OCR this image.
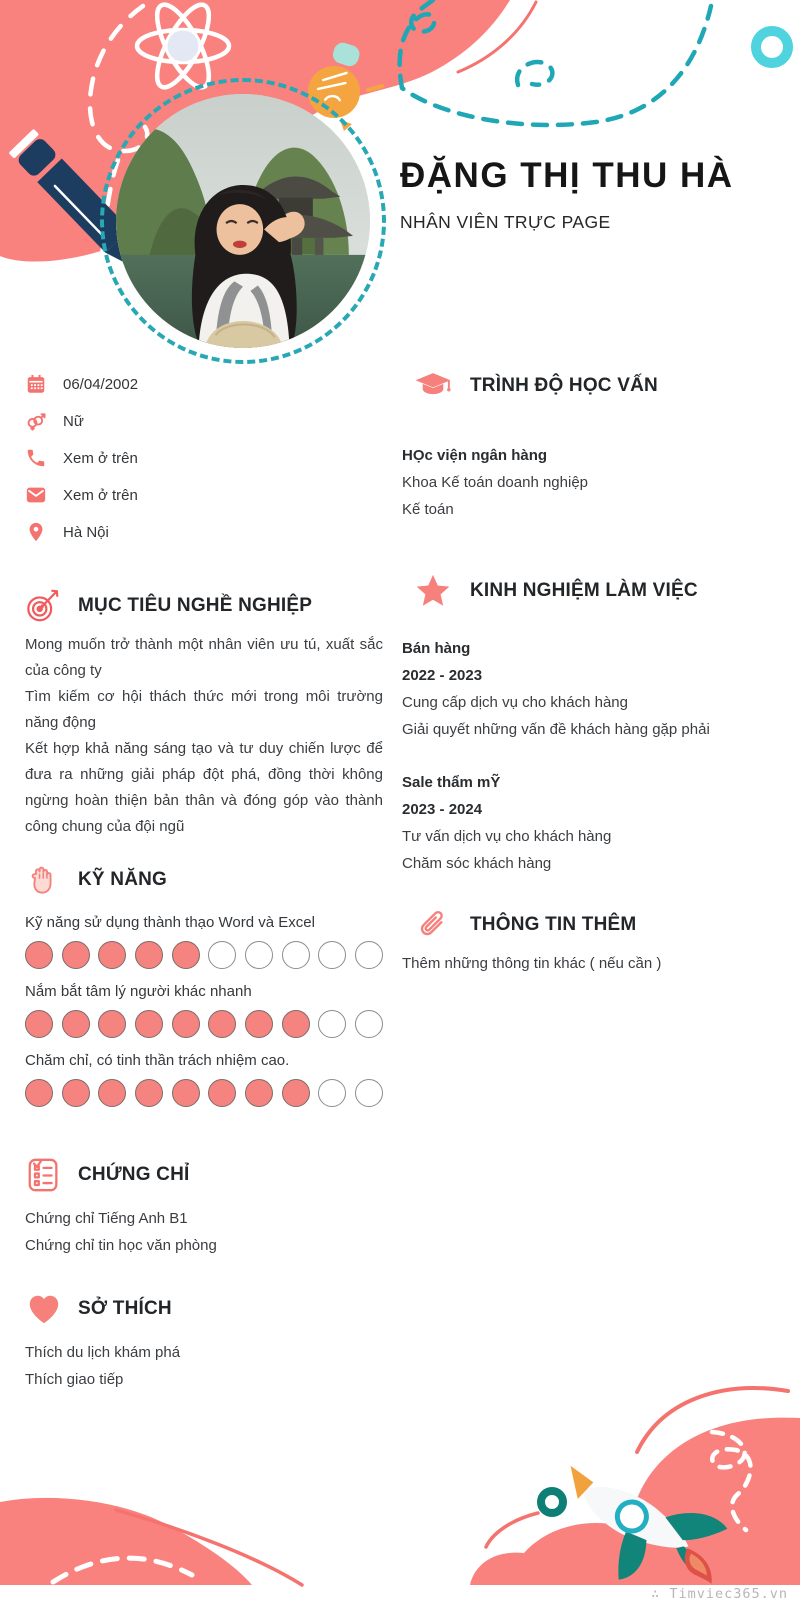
ĐẶNG THỊ THU HÀ
NHÂN VIÊN TRỰC PAGE
06/04/2002
Nữ
Xem ở trên
Xem ở trên
Hà Nội
MỤC TIÊU NGHỀ NGHIỆP

Mong muốn trở thành một nhân viên ưu tú, xuất sắc của công ty

Tìm kiếm cơ hội thách thức mới trong môi trường năng động

Kết hợp khả năng sáng tạo và tư duy chiến lược để đưa ra những giải pháp đột phá, đồng thời không ngừng hoàn thiện bản thân và đóng góp vào thành công chung của đội ngũ

KỸ NĂNG
Kỹ năng sử dụng thành thạo Word và Excel
Nắm bắt tâm lý người khác nhanh
Chăm chỉ, có tinh thần trách nhiệm cao.
CHỨNG CHỈ
Chứng chỉ Tiếng Anh B1
Chứng chỉ tin học văn phòng
SỞ THÍCH
Thích du lịch khám phá
Thích giao tiếp
TRÌNH ĐỘ HỌC VẤN
HỌc viện ngân hàng
Khoa Kế toán doanh nghiệp
Kế toán
KINH NGHIỆM LÀM VIỆC
Bán hàng
2022 - 2023
Cung cấp dịch vụ cho khách hàng
Giải quyết những vấn đề khách hàng gặp phải
Sale thẩm mỸ
2023 - 2024
Tư vấn dịch vụ cho khách hàng
Chăm sóc khách hàng
THÔNG TIN THÊM
Thêm những thông tin khác ( nếu cần )
∴ Timviec365.vn
